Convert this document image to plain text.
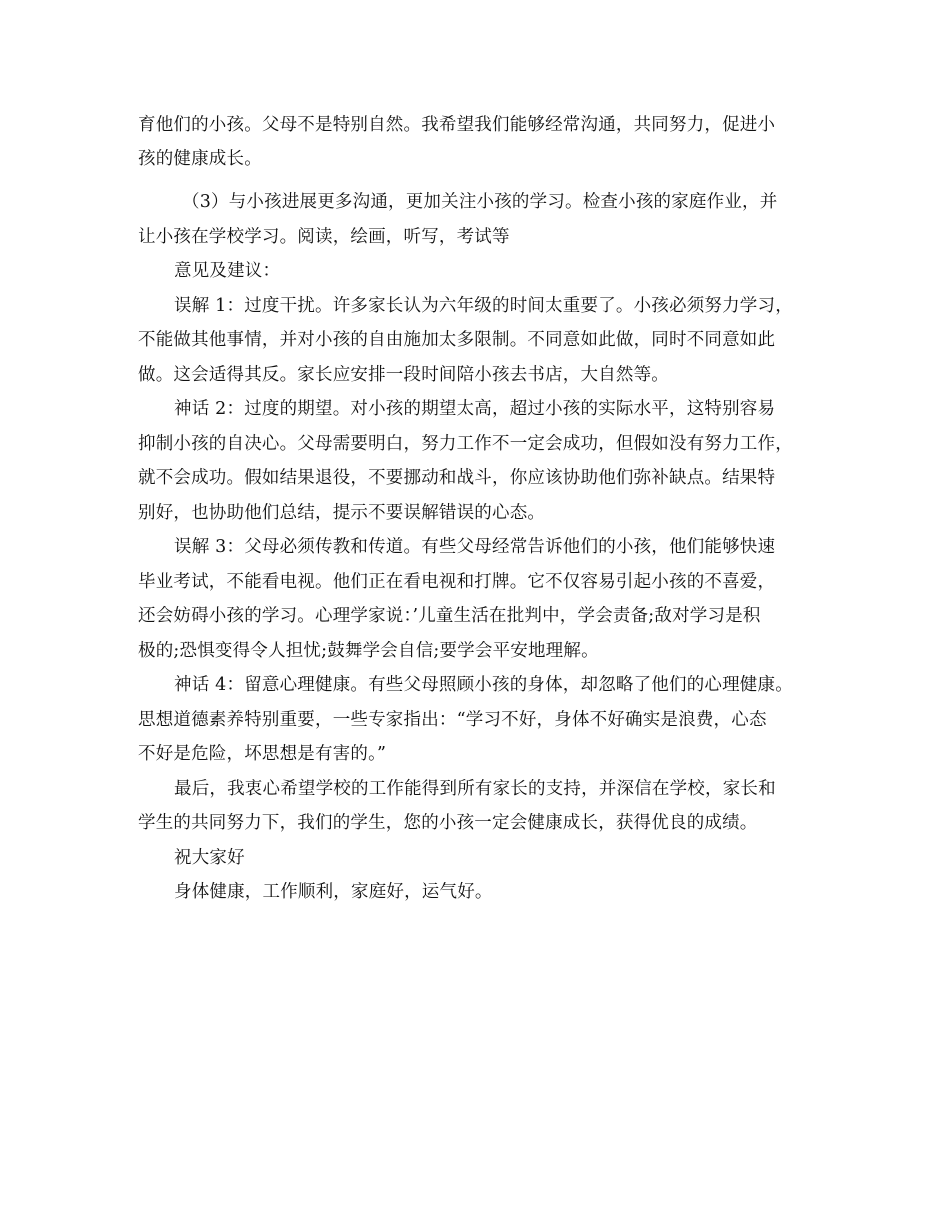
育他们的小孩。父母不是特别自然。我希望我们能够经常沟通，共同努力，促进小
孩的健康成长。
（3）与小孩进展更多沟通，更加关注小孩的学习。检查小孩的家庭作业，并
让小孩在学校学习。阅读，绘画，听写，考试等
意见及建议：
误解 1：过度干扰。许多家长认为六年级的时间太重要了。小孩必须努力学习，
不能做其他事情，并对小孩的自由施加太多限制。不同意如此做，同时不同意如此
做。这会适得其反。家长应安排一段时间陪小孩去书店，大自然等。
神话 2：过度的期望。对小孩的期望太高，超过小孩的实际水平，这特别容易
抑制小孩的自决心。父母需要明白，努力工作不一定会成功，但假如没有努力工作，
就不会成功。假如结果退役，不要挪动和战斗，你应该协助他们弥补缺点。结果特
别好，也协助他们总结，提示不要误解错误的心态。
误解 3：父母必须传教和传道。有些父母经常告诉他们的小孩，他们能够快速
毕业考试，不能看电视。他们正在看电视和打牌。它不仅容易引起小孩的不喜爱，
还会妨碍小孩的学习。心理学家说：’儿童生活在批判中，学会责备;敌对学习是积
极的;恐惧变得令人担忧;鼓舞学会自信;要学会平安地理解。
神话 4：留意心理健康。有些父母照顾小孩的身体，却忽略了他们的心理健康。
思想道德素养特别重要，一些专家指出：“学习不好，身体不好确实是浪费，心态
不好是危险，坏思想是有害的。”
最后，我衷心希望学校的工作能得到所有家长的支持，并深信在学校，家长和
学生的共同努力下，我们的学生，您的小孩一定会健康成长，获得优良的成绩。
祝大家好
身体健康，工作顺利，家庭好，运气好。
